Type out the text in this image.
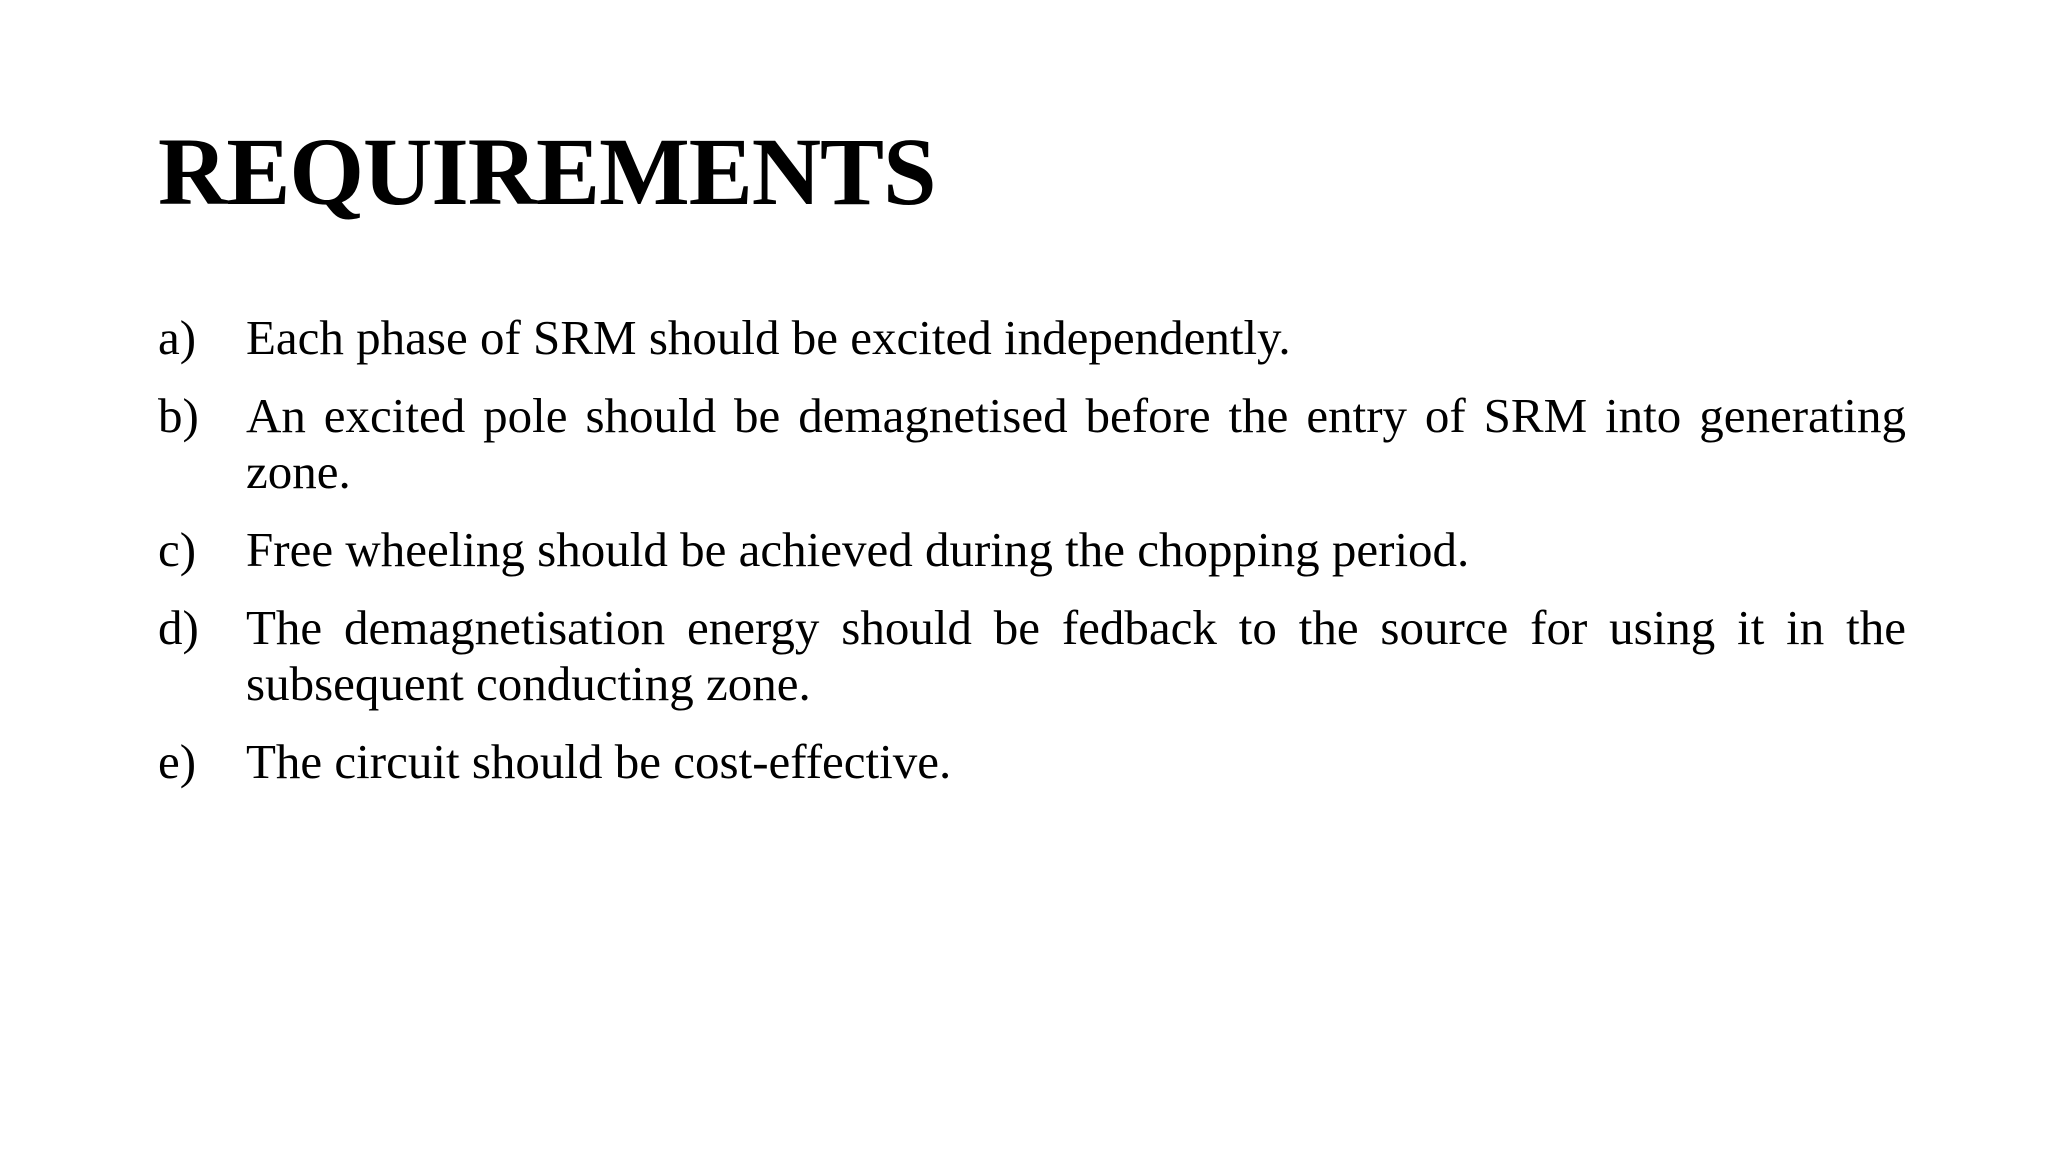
REQUIREMENTS
a)	Each phase of SRM should be excited independently.
b) An excited pole should be demagnetised before the entry of SRM into generating zone.
c)	Free wheeling should be achieved during the chopping period.
d) The demagnetisation energy should be fedback to the source for using it in the subsequent conducting zone.
e)	The circuit should be cost-effective.
